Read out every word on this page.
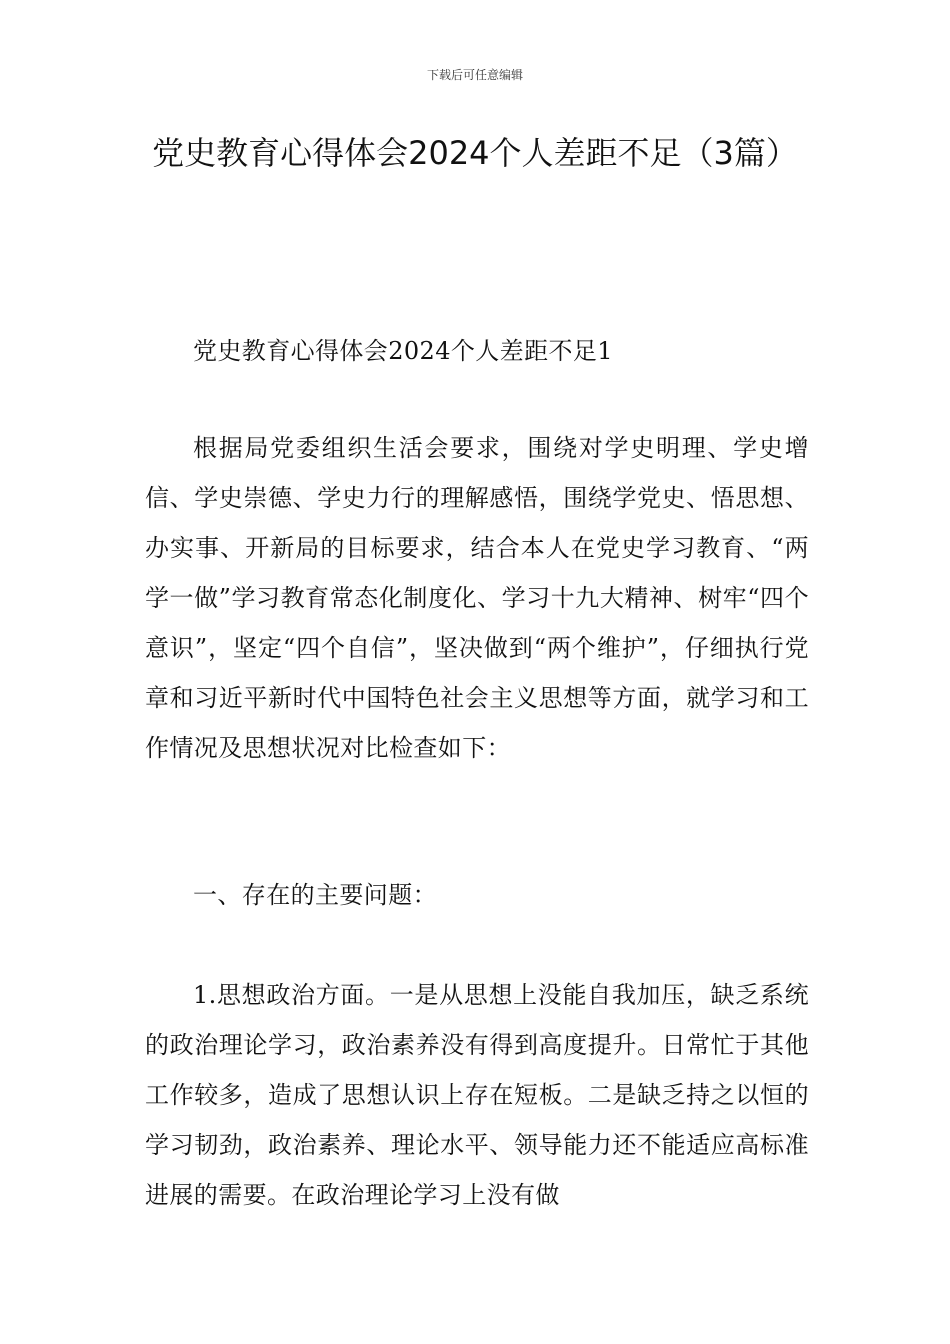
下载后可任意编辑
党史教育心得体会2024个人差距不足（3篇）

党史教育心得体会2024个人差距不足1

根据局党委组织生活会要求，围绕对学史明理、学史增信、学史崇德、学史力行的理解感悟，围绕学党史、悟思想、办实事、开新局的目标要求，结合本人在党史学习教育、“两学一做”学习教育常态化制度化、学习十九大精神、树牢“四个意识”，坚定“四个自信”，坚决做到“两个维护”，仔细执行党章和习近平新时代中国特色社会主义思想等方面，就学习和工作情况及思想状况对比检查如下：

一、存在的主要问题：

1.思想政治方面。一是从思想上没能自我加压，缺乏系统的政治理论学习，政治素养没有得到高度提升。日常忙于其他工作较多，造成了思想认识上存在短板。二是缺乏持之以恒的学习韧劲，政治素养、理论水平、领导能力还不能适应高标准进展的需要。在政治理论学习上没有做
